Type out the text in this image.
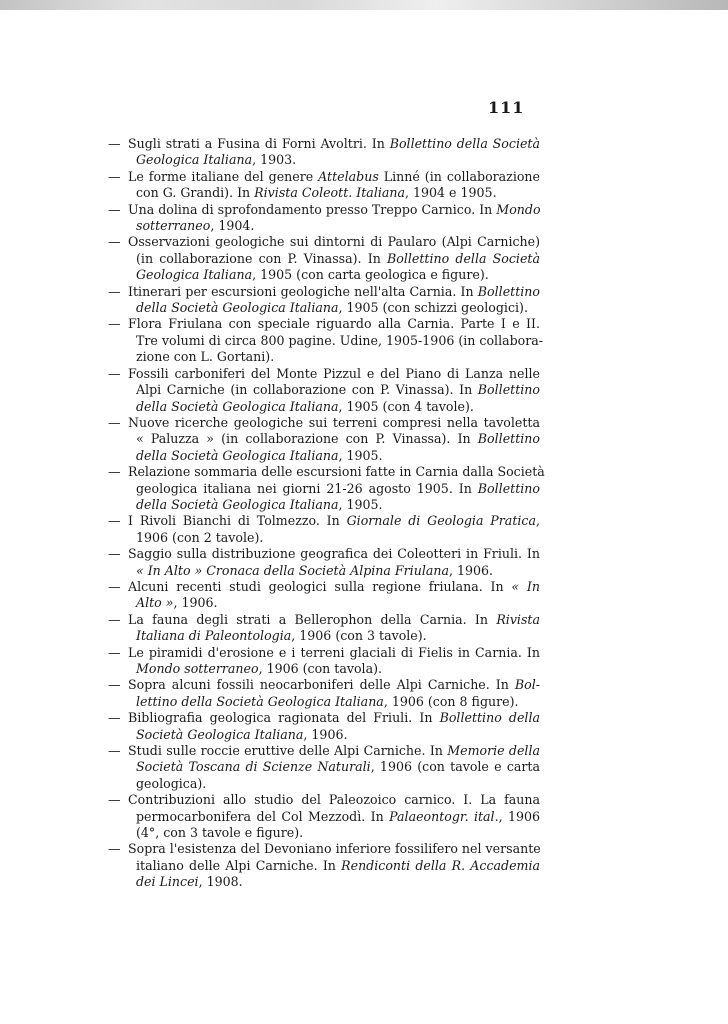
111
— Sugli strati a Fusina di Forni Avoltri. In Bollettino della Società
Geologica Italiana, 1903.
— Le forme italiane del genere Attelabus Linné (in collaborazione
con G. Grandi). In Rivista Coleott. Italiana, 1904 e 1905.
— Una dolina di sprofondamento presso Treppo Carnico. In Mondo
sotterraneo, 1904.
— Osservazioni geologiche sui dintorni di Paularo (Alpi Carniche)
(in collaborazione con P. Vinassa). In Bollettino della Società
Geologica Italiana, 1905 (con carta geologica e figure).
— Itinerari per escursioni geologiche nell'alta Carnia. In Bollettino
della Società Geologica Italiana, 1905 (con schizzi geologici).
— Flora Friulana con speciale riguardo alla Carnia. Parte I e II.
Tre volumi di circa 800 pagine. Udine, 1905-1906 (in collabora-
zione con L. Gortani).
— Fossili carboniferi del Monte Pizzul e del Piano di Lanza nelle
Alpi Carniche (in collaborazione con P. Vinassa). In Bollettino
della Società Geologica Italiana, 1905 (con 4 tavole).
— Nuove ricerche geologiche sui terreni compresi nella tavoletta
« Paluzza » (in collaborazione con P. Vinassa). In Bollettino
della Società Geologica Italiana, 1905.
— Relazione sommaria delle escursioni fatte in Carnia dalla Società
geologica italiana nei giorni 21-26 agosto 1905. In Bollettino
della Società Geologica Italiana, 1905.
— I Rivoli Bianchi di Tolmezzo. In Giornale di Geologia Pratica,
1906 (con 2 tavole).
— Saggio sulla distribuzione geografica dei Coleotteri in Friuli. In
« In Alto » Cronaca della Società Alpina Friulana, 1906.
— Alcuni recenti studi geologici sulla regione friulana. In « In
Alto », 1906.
— La fauna degli strati a Bellerophon della Carnia. In Rivista
Italiana di Paleontologia, 1906 (con 3 tavole).
— Le piramidi d'erosione e i terreni glaciali di Fielis in Carnia. In
Mondo sotterraneo, 1906 (con tavola).
— Sopra alcuni fossili neocarboniferi delle Alpi Carniche. In Bol-
lettino della Società Geologica Italiana, 1906 (con 8 figure).
— Bibliografia geologica ragionata del Friuli. In Bollettino della
Società Geologica Italiana, 1906.
— Studi sulle roccie eruttive delle Alpi Carniche. In Memorie della
Società Toscana di Scienze Naturali, 1906 (con tavole e carta
geologica).
— Contribuzioni allo studio del Paleozoico carnico. I. La fauna
permocarbonifera del Col Mezzodì. In Palaeontogr. ital., 1906
(4°, con 3 tavole e figure).
— Sopra l'esistenza del Devoniano inferiore fossilifero nel versante
italiano delle Alpi Carniche. In Rendiconti della R. Accademia
dei Lincei, 1908.
